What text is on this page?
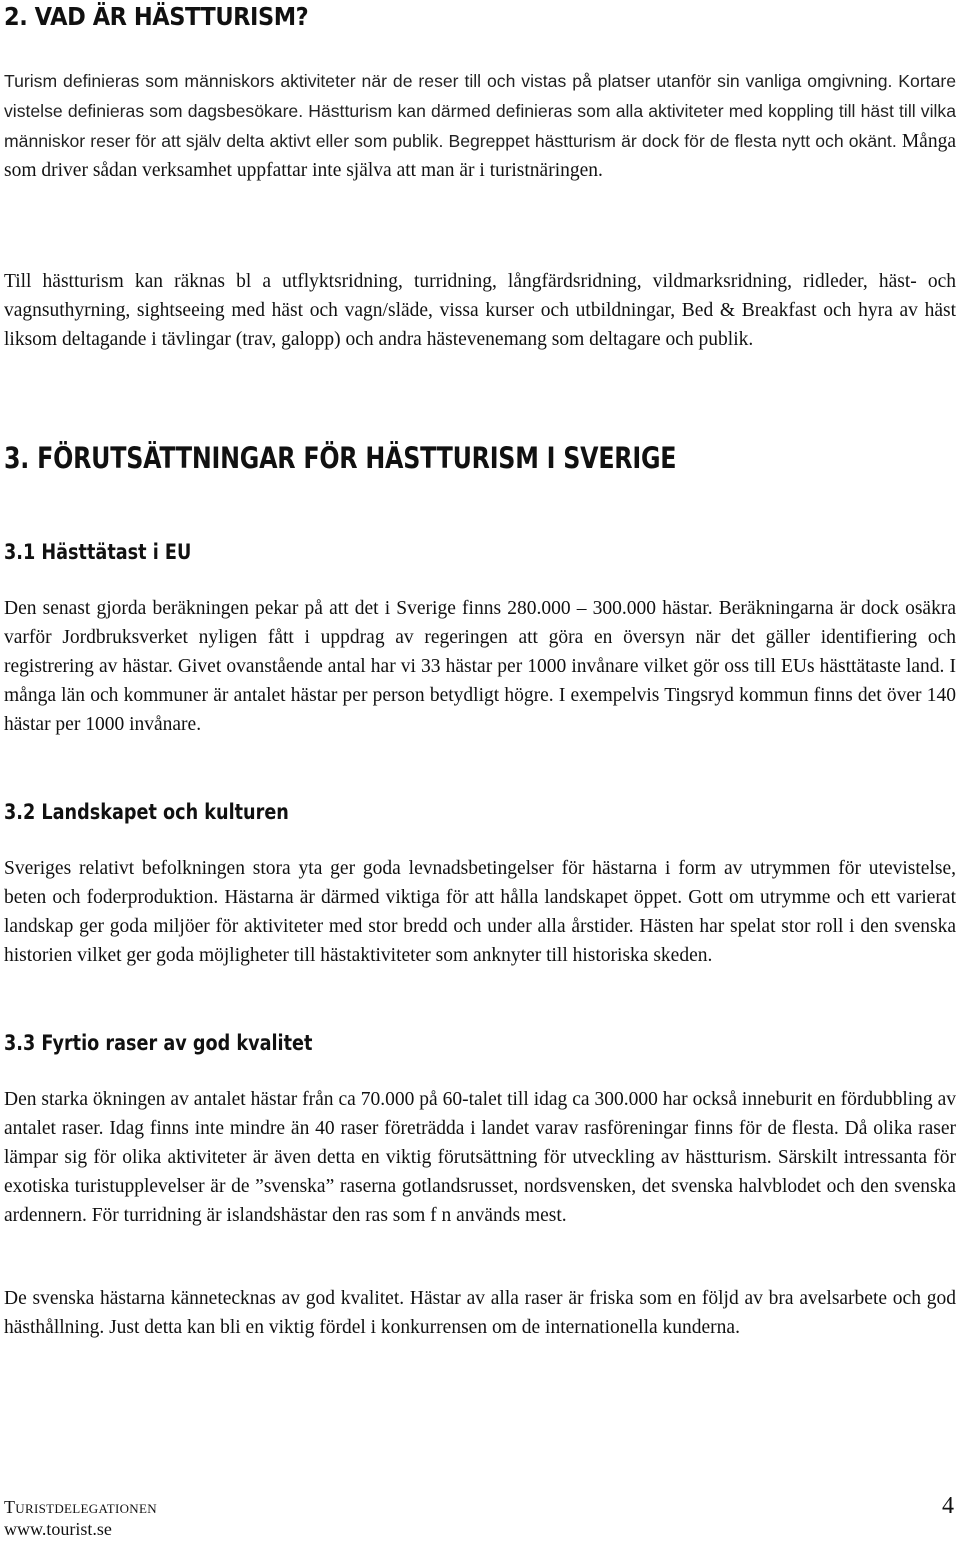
2. VAD ÄR HÄSTTURISM?

Turism definieras som människors aktiviteter när de reser till och vistas på platser utanför sin vanliga omgivning. Kortare vistelse definieras som dagsbesökare. Hästturism kan därmed definieras som alla aktiviteter med koppling till häst till vilka människor reser för att själv delta aktivt eller som publik. Begreppet hästturism är dock för de flesta nytt och okänt. Många som driver sådan verksamhet uppfattar inte själva att man är i turistnäringen.

Till hästturism kan räknas bl a utflyktsridning, turridning, långfärdsridning, vildmarksridning, ridleder, häst- och vagnsuthyrning, sightseeing med häst och vagn/släde, vissa kurser och utbildningar, Bed & Breakfast och hyra av häst liksom deltagande i tävlingar (trav, galopp) och andra hästevenemang som deltagare och publik.

3. FÖRUTSÄTTNINGAR FÖR HÄSTTURISM I SVERIGE
3.1 Hästtätast i EU

Den senast gjorda beräkningen pekar på att det i Sverige finns 280.000 – 300.000 hästar. Beräkningarna är dock osäkra varför Jordbruksverket nyligen fått i uppdrag av regeringen att göra en översyn när det gäller identifiering och registrering av hästar. Givet ovanstående antal har vi 33 hästar per 1000 invånare vilket gör oss till EUs hästtätaste land. I många län och kommuner är antalet hästar per person betydligt högre. I exempelvis Tingsryd kommun finns det över 140 hästar per 1000 invånare.

3.2 Landskapet och kulturen

Sveriges relativt befolkningen stora yta ger goda levnadsbetingelser för hästarna i form av utrymmen för utevistelse, beten och foderproduktion. Hästarna är därmed viktiga för att hålla landskapet öppet. Gott om utrymme och ett varierat landskap ger goda miljöer för aktiviteter med stor bredd och under alla årstider. Hästen har spelat stor roll i den svenska historien vilket ger goda möjligheter till hästaktiviteter som anknyter till historiska skeden.

3.3 Fyrtio raser av god kvalitet

Den starka ökningen av antalet hästar från ca 70.000 på 60-talet till idag ca 300.000 har också inneburit en fördubbling av antalet raser. Idag finns inte mindre än 40 raser företrädda i landet varav rasföreningar finns för de flesta. Då olika raser lämpar sig för olika aktiviteter är även detta en viktig förutsättning för utveckling av hästturism. Särskilt intressanta för exotiska turistupplevelser är de ”svenska” raserna gotlandsrusset, nordsvensken, det svenska halvblodet och den svenska ardennern. För turridning är islandshästar den ras som f n används mest.

De svenska hästarna kännetecknas av god kvalitet. Hästar av alla raser är friska som en följd av bra avelsarbete och god hästhållning. Just detta kan bli en viktig fördel i konkurrensen om de internationella kunderna.

Turistdelegationen

www.tourist.se

4
